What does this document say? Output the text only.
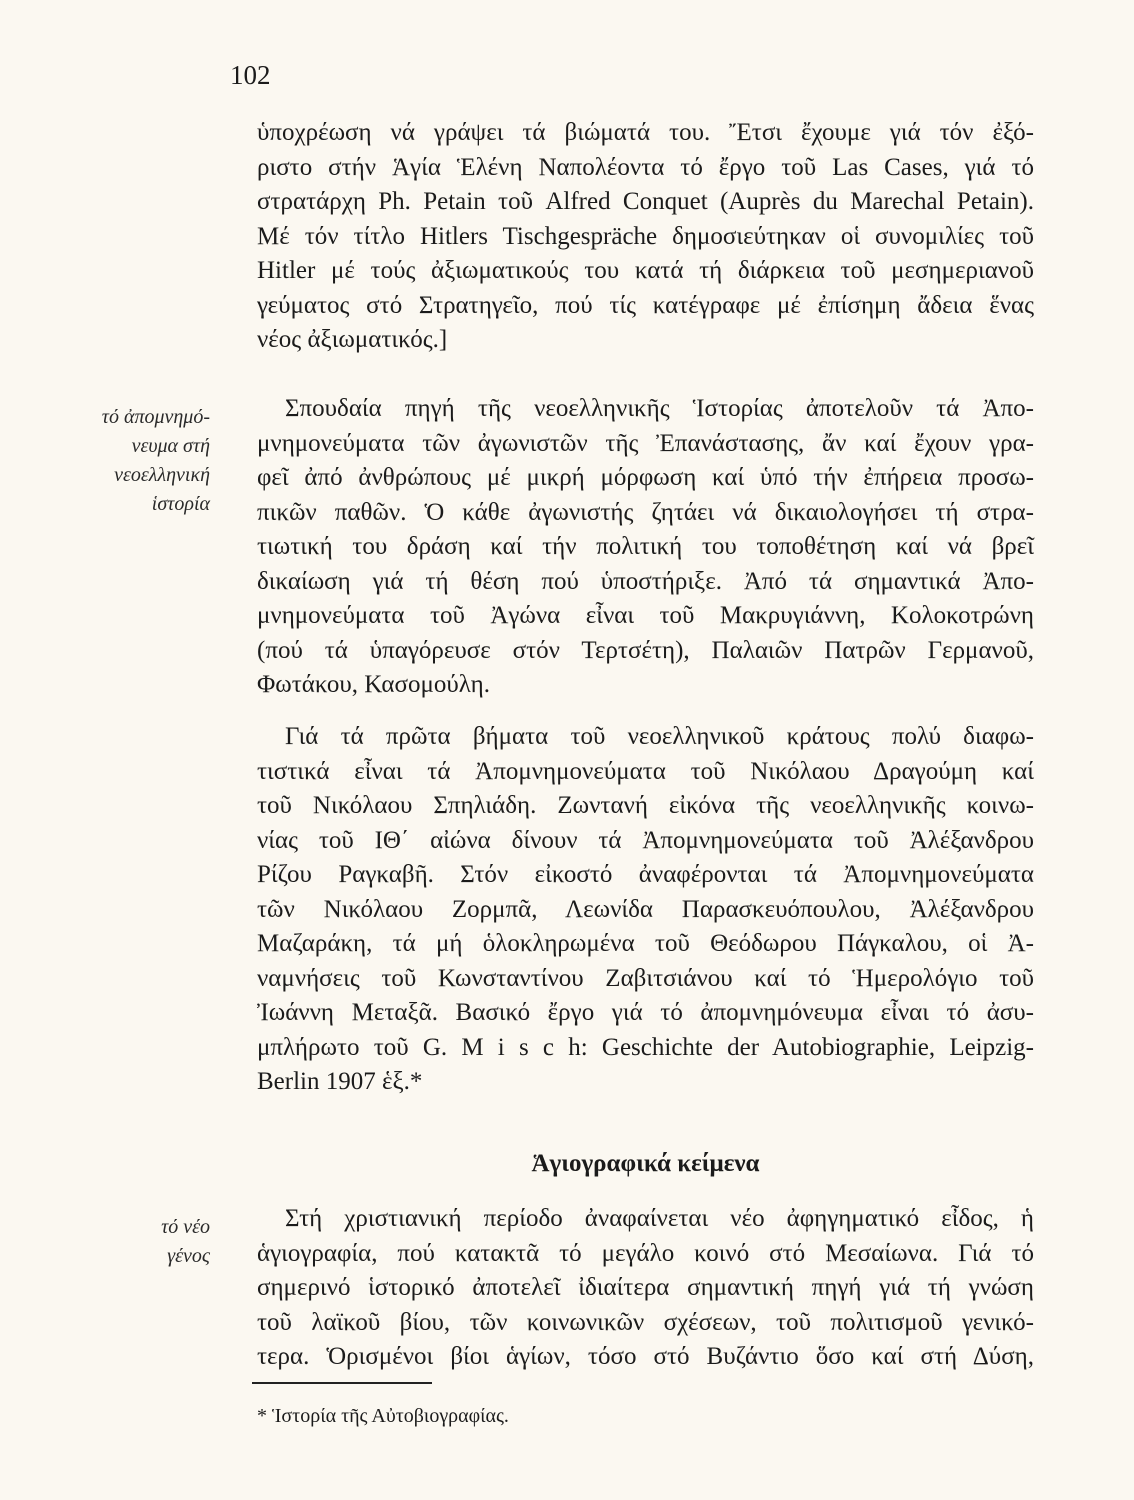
102
ὑποχρέωση νά γράψει τά βιώματά του. Ἔτσι ἔχουμε γιά τόν ἐξό-
ριστο στήν Ἁγία Ἑλένη Ναπολέοντα τό ἔργο τοῦ Las Cases, γιά τό
στρατάρχη Ph. Petain τοῦ Alfred Conquet (Auprès du Marechal Petain).
Μέ τόν τίτλο Hitlers Tischgespräche δημοσιεύτηκαν οἱ συνομιλίες τοῦ
Hitler μέ τούς ἀξιωματικούς του κατά τή διάρκεια τοῦ μεσημεριανοῦ
γεύματος στό Στρατηγεῖο, πού τίς κατέγραφε μέ ἐπίσημη ἄδεια ἕνας
νέος ἀξιωματικός.]
τό ἀπομνημό-
νευμα στή
νεοελληνική
ἱστορία
Σπουδαία πηγή τῆς νεοελληνικῆς Ἱστορίας ἀποτελοῦν τά Ἀπο-
μνημονεύματα τῶν ἀγωνιστῶν τῆς Ἐπανάστασης, ἄν καί ἔχουν γρα-
φεῖ ἀπό ἀνθρώπους μέ μικρή μόρφωση καί ὑπό τήν ἐπήρεια προσω-
πικῶν παθῶν. Ὁ κάθε ἀγωνιστής ζητάει νά δικαιολογήσει τή στρα-
τιωτική του δράση καί τήν πολιτική του τοποθέτηση καί νά βρεῖ
δικαίωση γιά τή θέση πού ὑποστήριξε. Ἀπό τά σημαντικά Ἀπο-
μνημονεύματα τοῦ Ἀγώνα εἶναι τοῦ Μακρυγιάννη, Κολοκοτρώνη
(πού τά ὑπαγόρευσε στόν Τερτσέτη), Παλαιῶν Πατρῶν Γερμανοῦ,
Φωτάκου, Κασομούλη.
Γιά τά πρῶτα βήματα τοῦ νεοελληνικοῦ κράτους πολύ διαφω-
τιστικά εἶναι τά Ἀπομνημονεύματα τοῦ Νικόλαου Δραγούμη καί
τοῦ Νικόλαου Σπηλιάδη. Ζωντανή εἰκόνα τῆς νεοελληνικῆς κοινω-
νίας τοῦ ΙΘ΄ αἰώνα δίνουν τά Ἀπομνημονεύματα τοῦ Ἀλέξανδρου
Ρίζου Ραγκαβῆ. Στόν εἰκοστό ἀναφέρονται τά Ἀπομνημονεύματα
τῶν Νικόλαου Ζορμπᾶ, Λεωνίδα Παρασκευόπουλου, Ἀλέξανδρου
Μαζαράκη, τά μή ὁλοκληρωμένα τοῦ Θεόδωρου Πάγκαλου, οἱ Ἀ-
ναμνήσεις τοῦ Κωνσταντίνου Ζαβιτσιάνου καί τό Ἡμερολόγιο τοῦ
Ἰωάννη Μεταξᾶ. Βασικό ἔργο γιά τό ἀπομνημόνευμα εἶναι τό ἀσυ-
μπλήρωτο τοῦ G. M i s c h: Geschichte der Autobiographie, Leipzig-
Berlin 1907 ἑξ.*
Ἁγιογραφικά κείμενα
τό νέο
γένος
Στή χριστιανική περίοδο ἀναφαίνεται νέο ἀφηγηματικό εἶδος, ἡ
ἁγιογραφία, πού κατακτᾶ τό μεγάλο κοινό στό Μεσαίωνα. Γιά τό
σημερινό ἱστορικό ἀποτελεῖ ἰδιαίτερα σημαντική πηγή γιά τή γνώση
τοῦ λαϊκοῦ βίου, τῶν κοινωνικῶν σχέσεων, τοῦ πολιτισμοῦ γενικό-
τερα. Ὁρισμένοι βίοι ἁγίων, τόσο στό Βυζάντιο ὅσο καί στή Δύση,
* Ἱστορία τῆς Αὐτοβιογραφίας.
